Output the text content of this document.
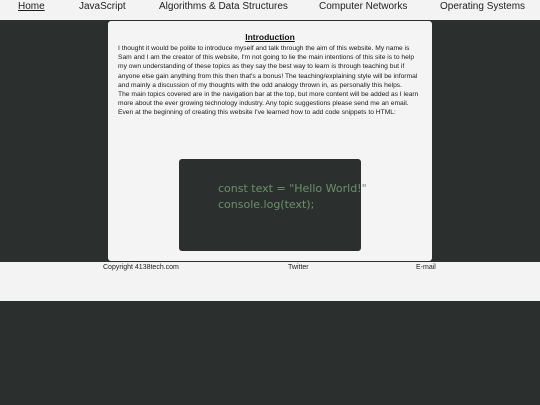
Home	JavaScript	Algorithms & Data Structures	Computer Networks	Operating Systems
Introduction

I thought it would be polite to introduce myself and talk through the aim of this website. My name is Sam and I am the creator of this website, I'm not going to lie the main intentions of this site is to help my own understanding of these topics as they say the best way to learn is through teaching but if anyone else gain anything from this then that's a bonus! The teaching/explaining style will be informal and mainly a discussion of my thoughts with the odd analogy thrown in, as personally this helps.

The main topics covered are in the navigation bar at the top, but more content will be added as I learn more about the ever growing technology industry. Any topic suggestions please send me an email.

Even at the beginning of creating this website I've learned how to add code snippets to HTML:

const text = "Hello World!"
console.log(text);
Copyright 4138tech.com	Twitter	E-mail
